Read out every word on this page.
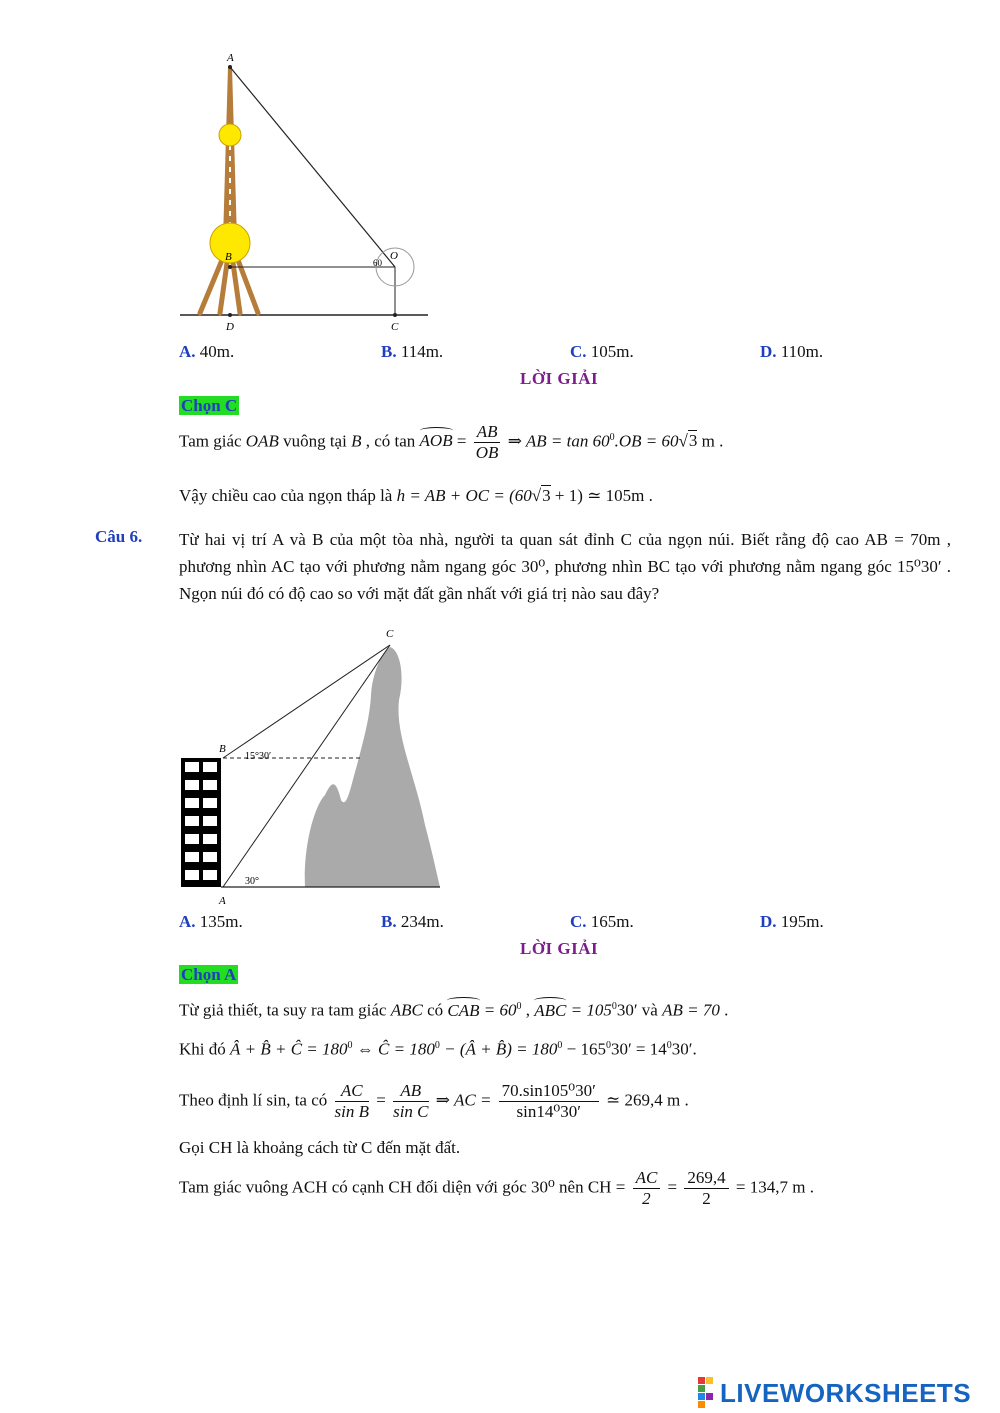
A
B
D	C
O
60
A. 40m.	B. 114m.	C. 105m.	D. 110m.
LỜI GIẢI
Chọn C
Tam giác OAB vuông tại B , có tan AOB = $\frac{AB}{OB}$ ⇒ AB = $\tan 60^0.OB = 60√3$ m .
Vậy chiều cao của ngọn tháp là h = AB + OC = (60√3 + 1) ≃ 105m .
Câu 6. Từ hai vị trí A và B của một tòa nhà, người ta quan sát đỉnh C của ngọn núi. Biết rằng độ cao AB = 70m , phương nhìn AC tạo với phương nằm ngang góc 30⁰, phương nhìn BC tạo với phương nằm ngang góc 15⁰30′ . Ngọn núi đó có độ cao so với mặt đất gần nhất với giá trị nào sau đây?
C
B
15°30′
30°
A
A. 135m.	B. 234m.	C. 165m.	D. 195m.
LỜI GIẢI
Chọn A
Từ giả thiết, ta suy ra tam giác ABC có CAB = $60^0$ , ABC = $105^030'$ và AB = 70 .
Khi đó Â + B̂ + Ĉ = $180^0$ ⇔ Ĉ = $180^0$ − (Â + B̂) = $180^0 - 165^030' = 14^030'$.
Theo định lí sin, ta có $\frac{AC}{\text{sin B}} = \frac{AB}{\text{sin C}}$ ⇒ AC = $\frac{\text{70.sin105⁰30′}}{\text{sin14⁰30′}}$ ≃ 269,4 m .
Gọi CH là khoảng cách từ C đến mặt đất.
Tam giác vuông ACH có cạnh CH đối diện với góc 30⁰ nên CH = $\frac{AC}{2} = \frac{269,4}{2} = 134,7$ m .

LIVEWORKSHEETS
